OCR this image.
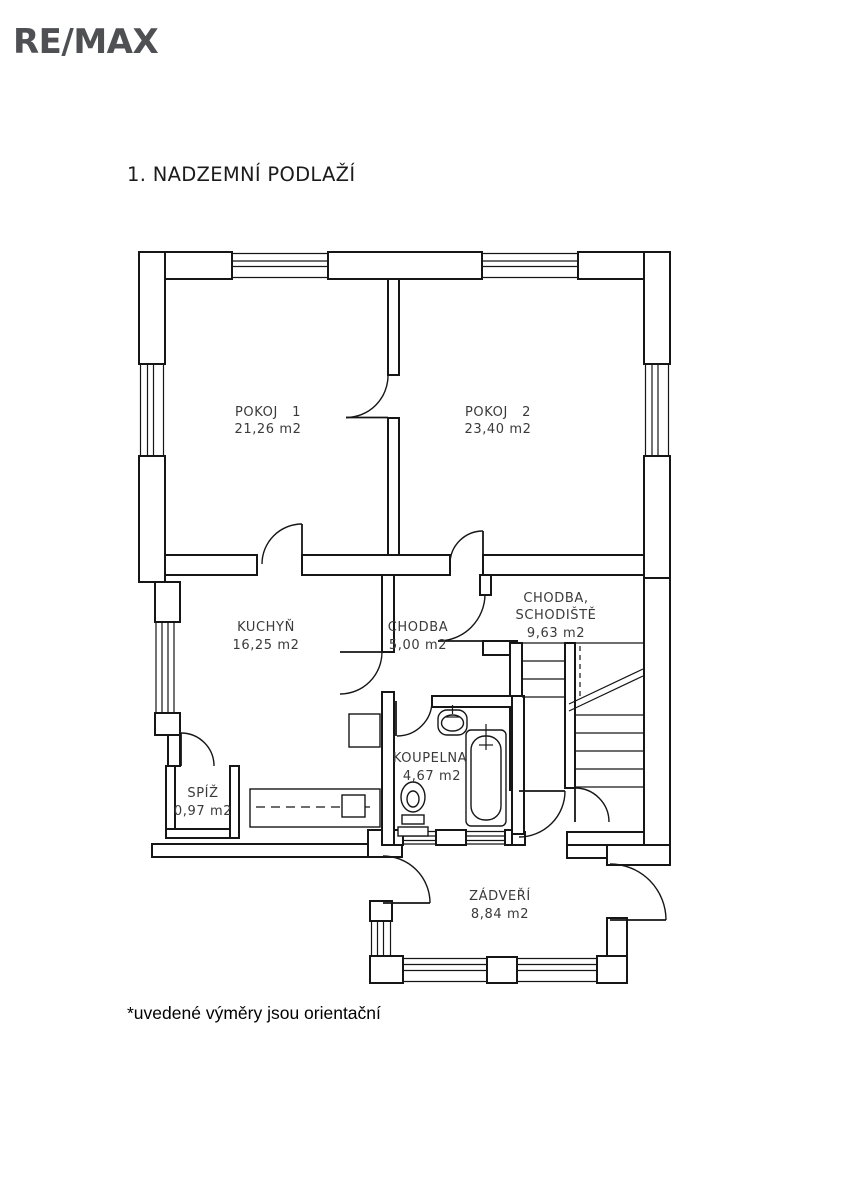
RE/MAX
1. NADZEMNÍ PODLAŽÍ
*uvedené výměry jsou orientační
POKOJ   1
21,26 m2
POKOJ   2
23,40 m2
KUCHYŇ
16,25 m2
CHODBA
5,00 m2
CHODBA,
SCHODIŠTĚ
9,63 m2
SPÍŽ
0,97 m2
KOUPELNA
4,67 m2
ZÁDVEŘÍ
8,84 m2
